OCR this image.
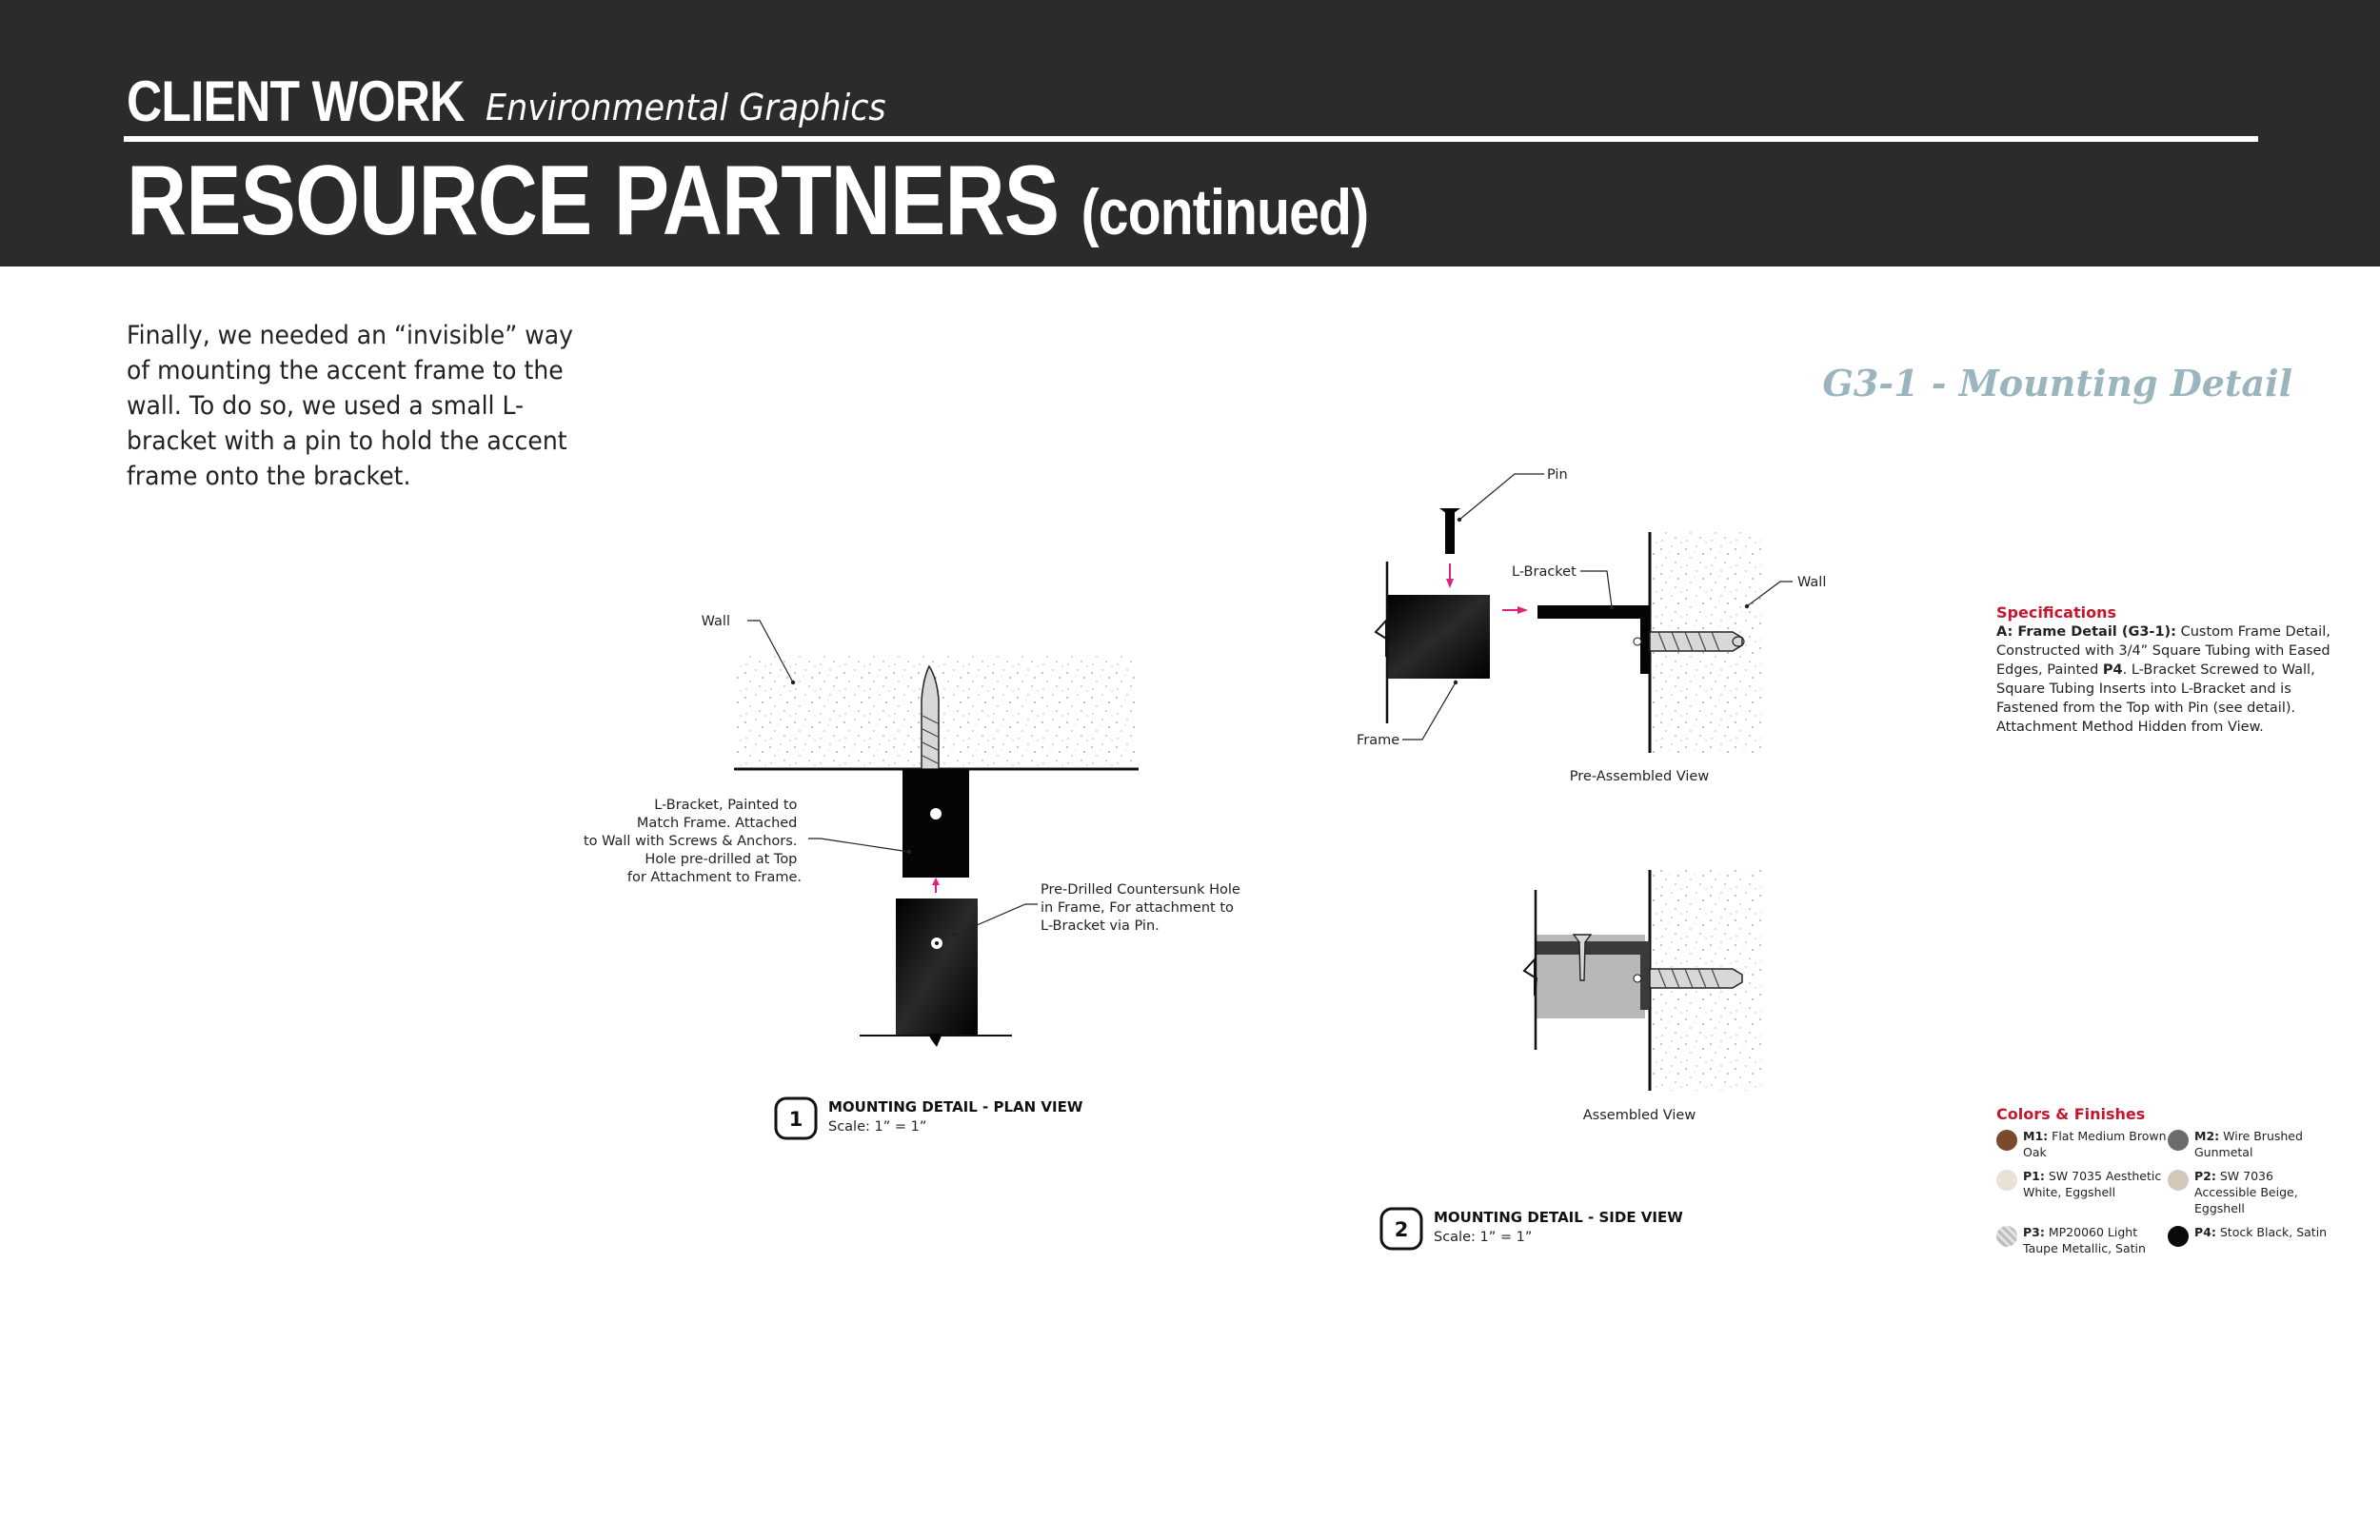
CLIENT WORK Environmental Graphics
RESOURCE PARTNERS (continued)
Finally, we needed an “invisible” way of mounting the accent frame to the wall. To do so, we used a small L-bracket with a pin to hold the accent frame onto the bracket.
G3-1 - Mounting Detail
Wall
L-Bracket, Painted to Match Frame. Attached to Wall with Screws & Anchors. Hole pre-drilled at Top for Attachment to Frame.
Pre-Drilled Countersunk Hole in Frame, For attachment to L-Bracket via Pin.
1
MOUNTING DETAIL - PLAN VIEW
Scale: 1” = 1”
Pin
L-Bracket
Wall
Frame
Pre-Assembled View
Assembled View
2
MOUNTING DETAIL - SIDE VIEW
Scale: 1” = 1”
Specifications
A: Frame Detail (G3-1): Custom Frame Detail, Constructed with 3/4” Square Tubing with Eased Edges, Painted P4. L-Bracket Screwed to Wall, Square Tubing Inserts into L-Bracket and is Fastened from the Top with Pin (see detail). Attachment Method Hidden from View.
Colors & Finishes
M1: Flat Medium Brown Oak
M2: Wire Brushed Gunmetal
P1: SW 7035 Aesthetic White, Eggshell
P2: SW 7036 Accessible Beige, Eggshell
P3: MP20060 Light Taupe Metallic, Satin
P4: Stock Black, Satin
